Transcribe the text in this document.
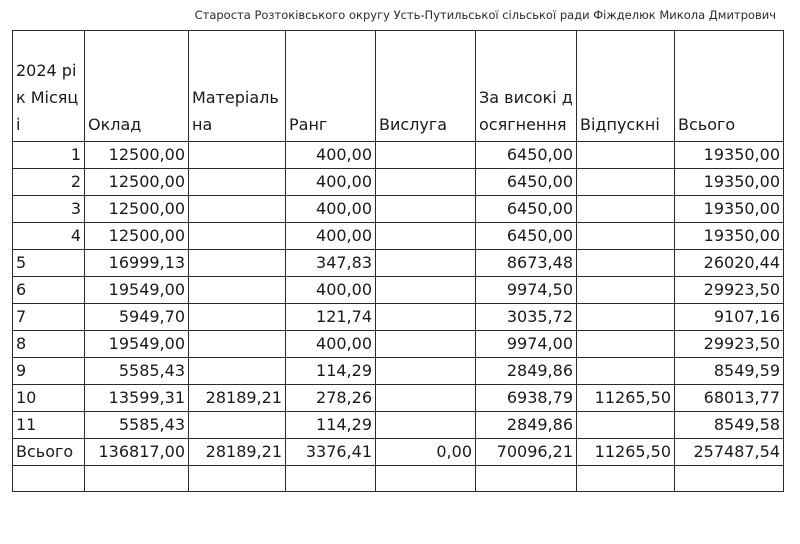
Староста Розтоківського округу Усть-Путильської сільської ради Фіжделюк Микола Дмитрович
2024 рік Місяці	Оклад	Матеріальна	Ранг	Вислуга	За високі досягнення	Відпускні	Всього
1	12500,00		400,00		6450,00		19350,00
2	12500,00		400,00		6450,00		19350,00
3	12500,00		400,00		6450,00		19350,00
4	12500,00		400,00		6450,00		19350,00
5	16999,13		347,83		8673,48		26020,44
6	19549,00		400,00		9974,50		29923,50
7	5949,70		121,74		3035,72		9107,16
8	19549,00		400,00		9974,00		29923,50
9	5585,43		114,29		2849,86		8549,59
10	13599,31	28189,21	278,26		6938,79	11265,50	68013,77
11	5585,43		114,29		2849,86		8549,58
Всього	136817,00	28189,21	3376,41	0,00	70096,21	11265,50	257487,54
